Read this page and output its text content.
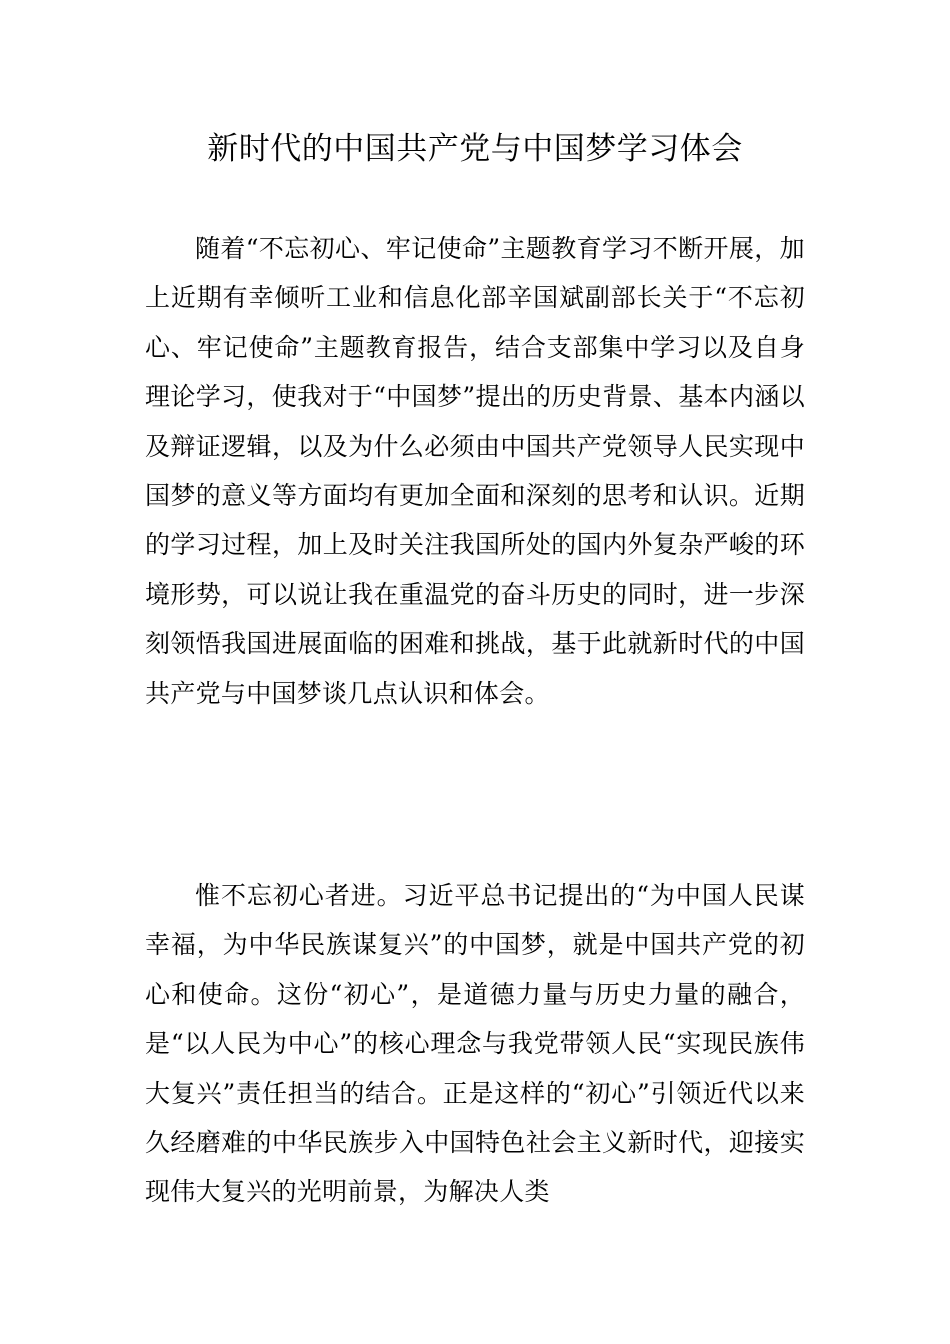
新时代的中国共产党与中国梦学习体会

随着“不忘初心、牢记使命”主题教育学习不断开展，加上近期有幸倾听工业和信息化部辛国斌副部长关于“不忘初心、牢记使命”主题教育报告，结合支部集中学习以及自身理论学习，使我对于“中国梦”提出的历史背景、基本内涵以及辩证逻辑，以及为什么必须由中国共产党领导人民实现中国梦的意义等方面均有更加全面和深刻的思考和认识。近期的学习过程，加上及时关注我国所处的国内外复杂严峻的环境形势，可以说让我在重温党的奋斗历史的同时，进一步深刻领悟我国进展面临的困难和挑战，基于此就新时代的中国共产党与中国梦谈几点认识和体会。

惟不忘初心者进。习近平总书记提出的“为中国人民谋幸福，为中华民族谋复兴”的中国梦，就是中国共产党的初心和使命。这份“初心”，是道德力量与历史力量的融合，是“以人民为中心”的核心理念与我党带领人民“实现民族伟大复兴”责任担当的结合。正是这样的“初心”引领近代以来久经磨难的中华民族步入中国特色社会主义新时代，迎接实现伟大复兴的光明前景，为解决人类
